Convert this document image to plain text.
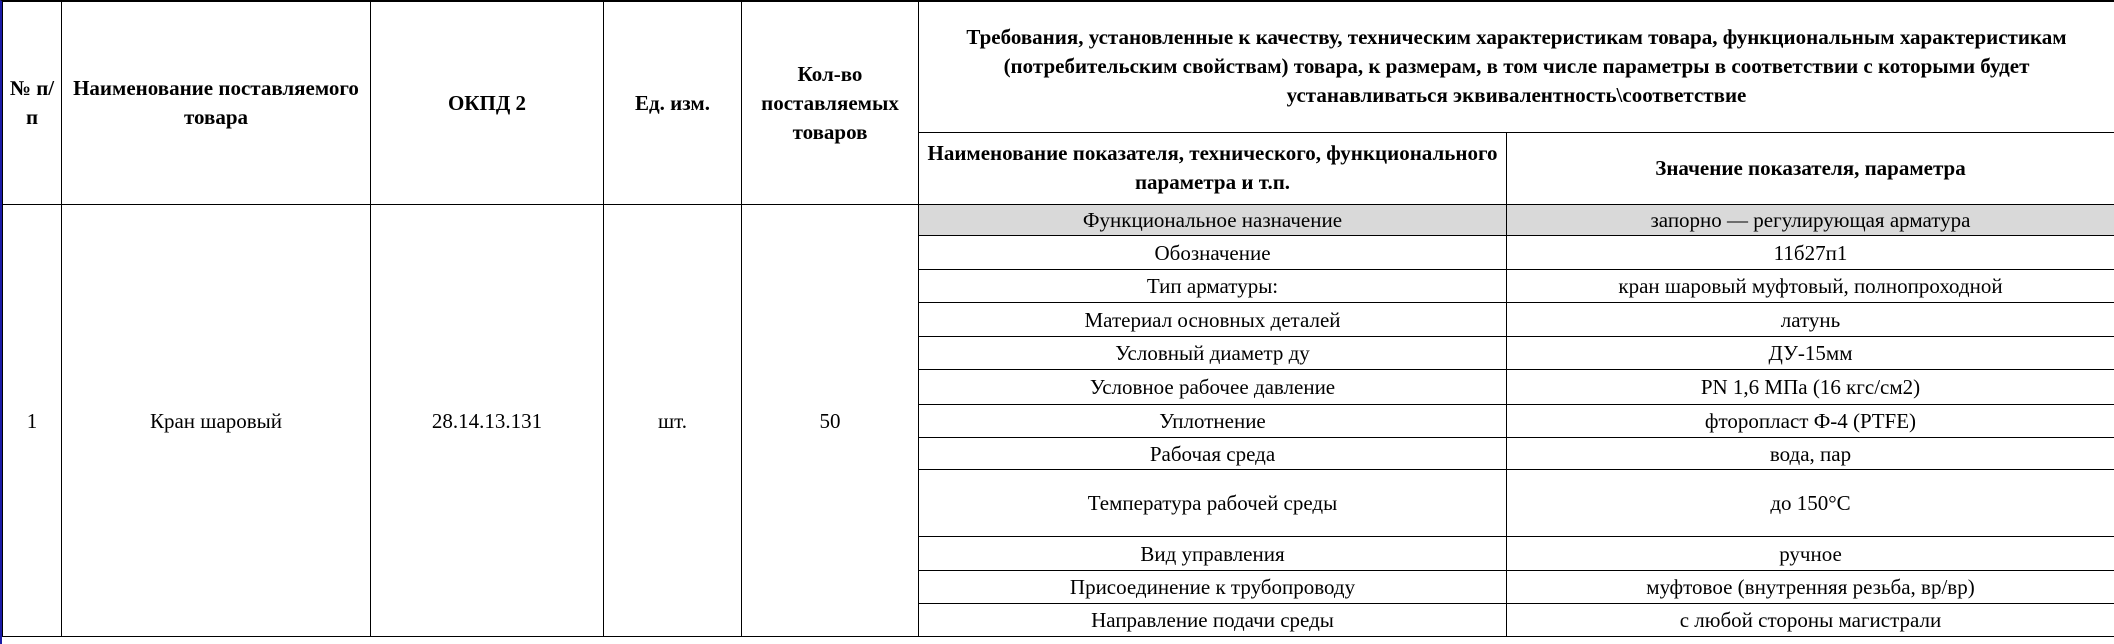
№ п/п	Наименование поставляемого товара	ОКПД 2	Ед. изм.	Кол-во поставляемых товаров	Требования, установленные к качеству, техническим характеристикам товара, функциональным характеристикам (потребительским свойствам) товара, к размерам, в том числе параметры в соответствии с которыми будет устанавливаться эквивалентность\соответствие	
					Наименование показателя, технического, функционального параметра и т.п.	Значение показателя, параметра
1	Кран шаровый	28.14.13.131	шт.	50	Функциональное назначение	запорно — регулирующая арматура
					Обозначение	11б27п1
					Тип арматуры:	кран шаровый муфтовый, полнопроходной
					Материал основных деталей	латунь
					Условный диаметр ду	ДУ-15мм
					Условное рабочее давление	PN 1,6 МПа (16 кгс/см2)
					Уплотнение	фторопласт Ф-4 (PTFE)
					Рабочая среда	вода, пар
					Температура рабочей среды	до 150°С
					Вид управления	ручное
					Присоединение к трубопроводу	муфтовое (внутренняя резьба, вр/вр)
					Направление подачи среды	с любой стороны магистрали
